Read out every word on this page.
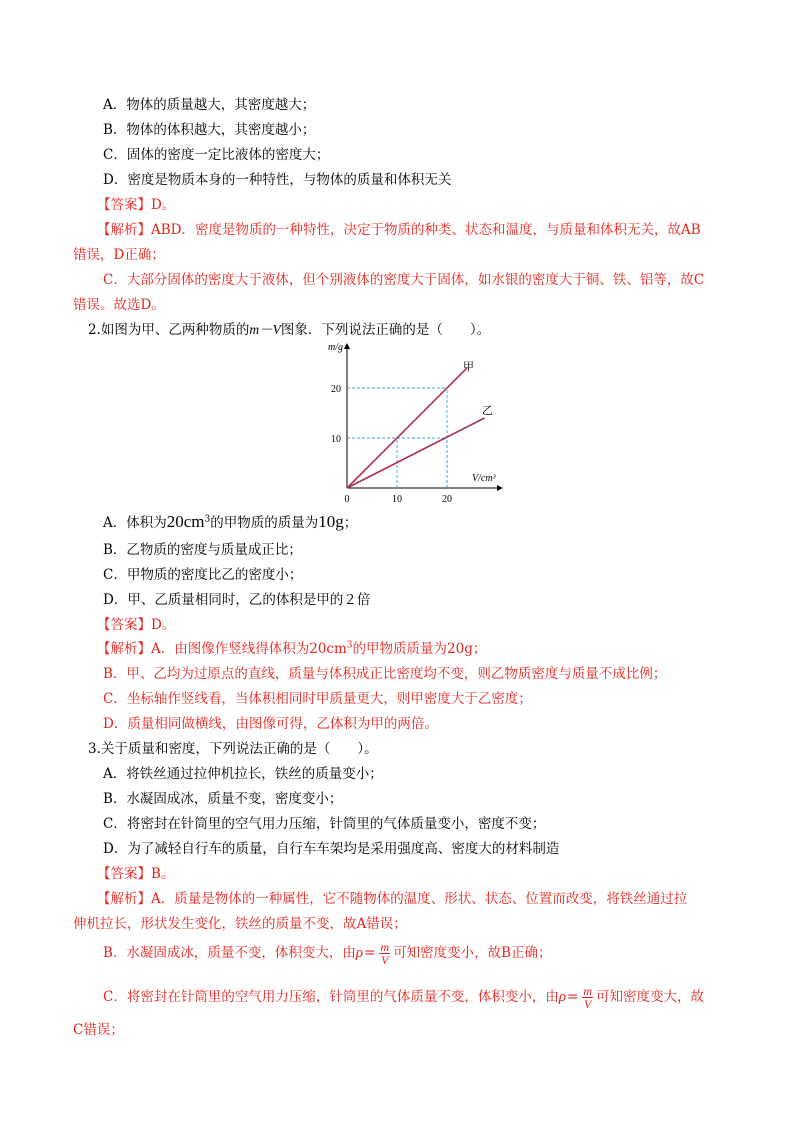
A．物体的质量越大，其密度越大；
B．物体的体积越大，其密度越小；
C．固体的密度一定比液体的密度大；
D．密度是物质本身的一种特性，与物体的质量和体积无关
【答案】D。
【解析】ABD．密度是物质的一种特性，决定于物质的种类、状态和温度，与质量和体积无关，故AB
错误，D正确；
C．大部分固体的密度大于液体，但个别液体的密度大于固体，如水银的密度大于铜、铁、铝等，故C
错误。故选D。
2.如图为甲、乙两种物质的m－V图象．下列说法正确的是（　　）。
0	10	20
10
20
m/g
V/cm³
甲
乙
A．体积为$20cm^3$的甲物质的质量为10g；
B．乙物质的密度与质量成正比；
C．甲物质的密度比乙的密度小；
D．甲、乙质量相同时，乙的体积是甲的２倍
【答案】D。
【解析】A．由图像作竖线得体积为$20cm^3$的甲物质质量为20g；
B．甲、乙均为过原点的直线，质量与体积成正比密度均不变，则乙物质密度与质量不成比例；
C．坐标轴作竖线看，当体积相同时甲质量更大，则甲密度大于乙密度；
D．质量相同做横线，由图像可得，乙体积为甲的两倍。
3.关于质量和密度，下列说法正确的是（　　）。
A．将铁丝通过拉伸机拉长，铁丝的质量变小；
B．水凝固成冰，质量不变，密度变小；
C．将密封在针筒里的空气用力压缩，针筒里的气体质量变小，密度不变；
D．为了减轻自行车的质量，自行车车架均是采用强度高、密度大的材料制造
【答案】B。
【解析】A．质量是物体的一种属性，它不随物体的温度、形状、状态、位置而改变，将铁丝通过拉
伸机拉长，形状发生变化，铁丝的质量不变，故A错误；
B．水凝固成冰，质量不变，体积变大，由$\rho= \frac{m}{V}$ 可知密度变小，故B正确；
C．将密封在针筒里的空气用力压缩，针筒里的气体质量不变，体积变小，由$\rho= \frac{m}{V}$ 可知密度变大，故
C错误；
